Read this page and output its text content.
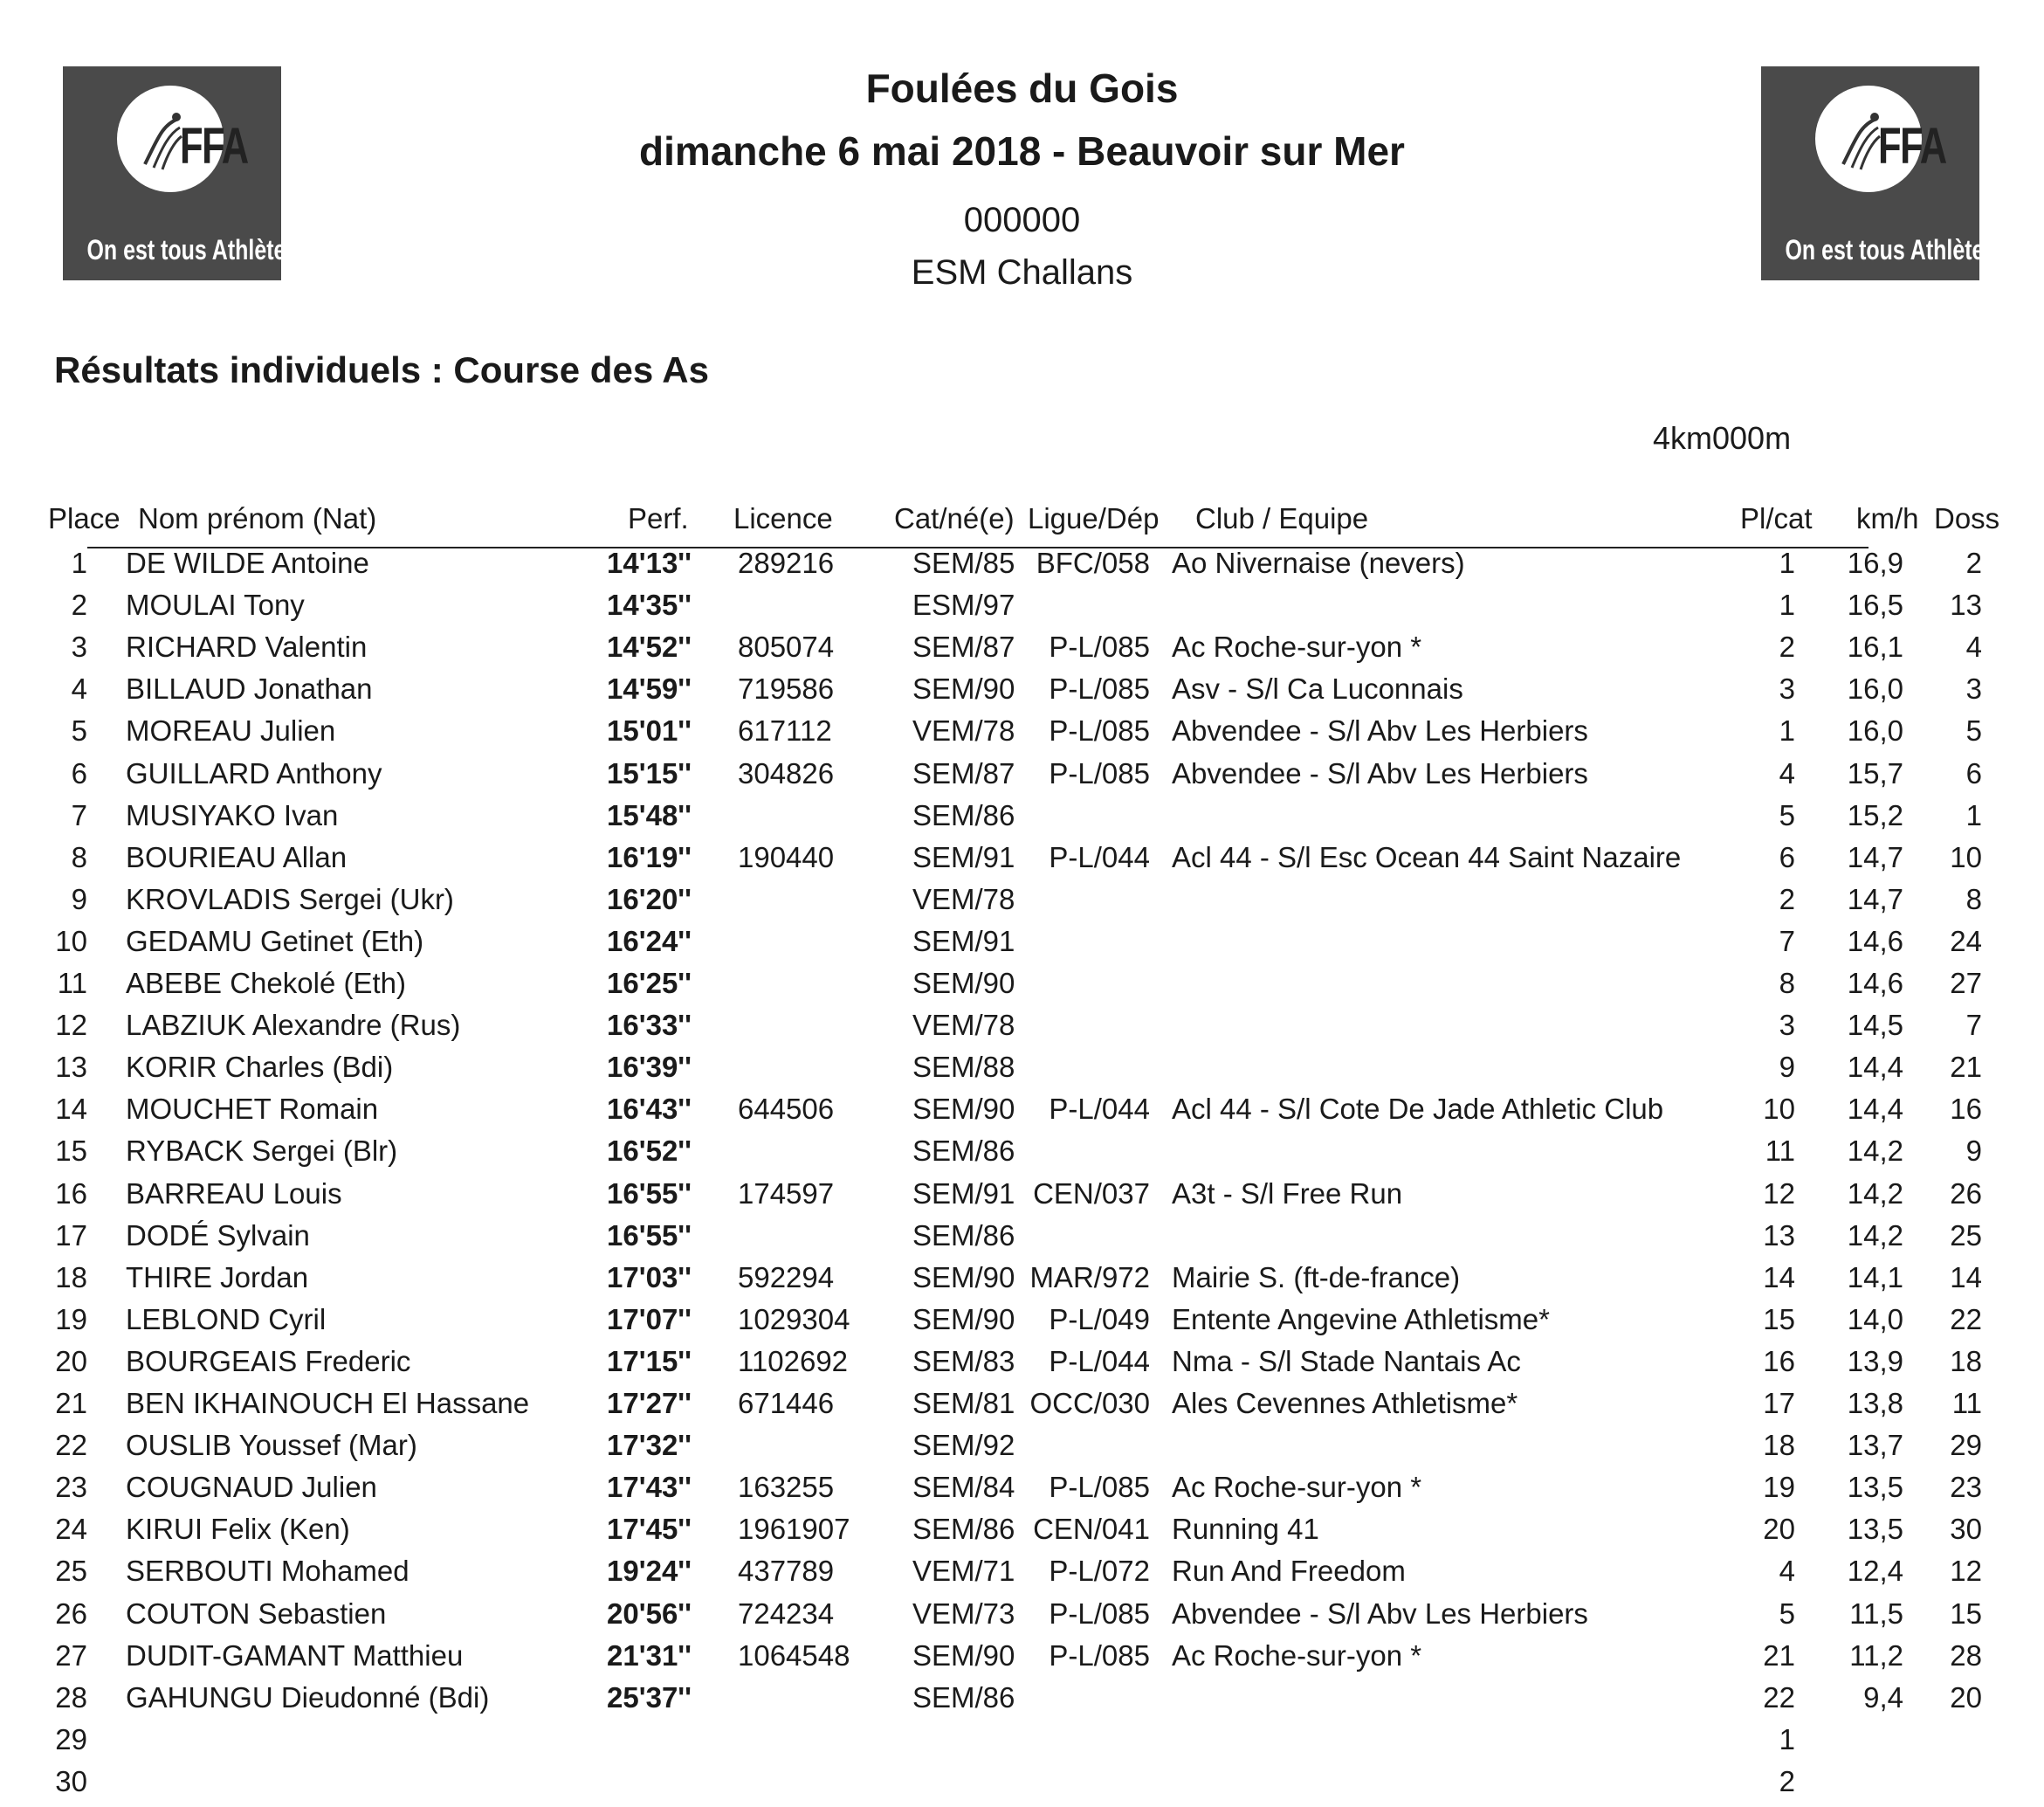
FFA
On est tous Athlètes
FFA
On est tous Athlètes
Foulées du Gois
dimanche 6 mai 2018 - Beauvoir sur Mer
000000
ESM Challans
Résultats individuels : Course des As
4km000m
Place Nom prénom (Nat)	Perf. Licence Cat/né(e) Ligue/Dép Club / Equipe	Pl/cat km/h Doss
1 DE WILDE Antoine	14'13'' 289216	SEM/85 BFC/058 Ao Nivernaise (nevers)	1	16,9	2
2 MOULAI Tony	14'35''	ESM/97	1	16,5	13
3 RICHARD Valentin	14'52'' 805074	SEM/87	P-L/085 Ac Roche-sur-yon *	2	16,1	4
4 BILLAUD Jonathan	14'59'' 719586	SEM/90	P-L/085 Asv - S/l Ca Luconnais	3	16,0	3
5 MOREAU Julien	15'01'' 617112	VEM/78	P-L/085 Abvendee - S/l Abv Les Herbiers	1	16,0	5
6 GUILLARD Anthony	15'15'' 304826	SEM/87	P-L/085 Abvendee - S/l Abv Les Herbiers	4	15,7	6
7 MUSIYAKO Ivan	15'48''	SEM/86	5	15,2	1
8 BOURIEAU Allan	16'19'' 190440	SEM/91	P-L/044 Acl 44 - S/l Esc Ocean 44 Saint Nazaire	6	14,7	10
9 KROVLADIS Sergei (Ukr)	16'20''	VEM/78	2	14,7	8
10 GEDAMU Getinet (Eth)	16'24''	SEM/91	7	14,6	24
11 ABEBE Chekolé (Eth)	16'25''	SEM/90	8	14,6	27
12 LABZIUK Alexandre (Rus)	16'33''	VEM/78	3	14,5	7
13 KORIR Charles (Bdi)	16'39''	SEM/88	9	14,4	21
14 MOUCHET Romain	16'43'' 644506	SEM/90	P-L/044 Acl 44 - S/l Cote De Jade Athletic Club	10	14,4	16
15 RYBACK Sergei (Blr)	16'52''	SEM/86	11	14,2	9
16 BARREAU Louis	16'55'' 174597	SEM/91 CEN/037 A3t - S/l Free Run	12	14,2	26
17 DODÉ Sylvain	16'55''	SEM/86	13	14,2	25
18 THIRE Jordan	17'03'' 592294	SEM/90 MAR/972 Mairie S. (ft-de-france)	14	14,1	14
19 LEBLOND Cyril	17'07'' 1029304 SEM/90	P-L/049 Entente Angevine Athletisme*	15	14,0	22
20 BOURGEAIS Frederic	17'15'' 1102692 SEM/83	P-L/044 Nma - S/l Stade Nantais Ac	16	13,9	18
21 BEN IKHAINOUCH El Hassane	17'27'' 671446	SEM/81 OCC/030 Ales Cevennes Athletisme*	17	13,8	11
22 OUSLIB Youssef (Mar)	17'32''	SEM/92	18	13,7	29
23 COUGNAUD Julien	17'43'' 163255	SEM/84	P-L/085 Ac Roche-sur-yon *	19	13,5	23
24 KIRUI Felix (Ken)	17'45'' 1961907 SEM/86 CEN/041 Running 41	20	13,5	30
25 SERBOUTI Mohamed	19'24'' 437789	VEM/71	P-L/072 Run And Freedom	4	12,4	12
26 COUTON Sebastien	20'56'' 724234	VEM/73	P-L/085 Abvendee - S/l Abv Les Herbiers	5	11,5	15
27 DUDIT-GAMANT Matthieu	21'31'' 1064548 SEM/90	P-L/085 Ac Roche-sur-yon *	21	11,2	28
28 GAHUNGU Dieudonné (Bdi)	25'37''	SEM/86	22	9,4	20
29	1
30	2
